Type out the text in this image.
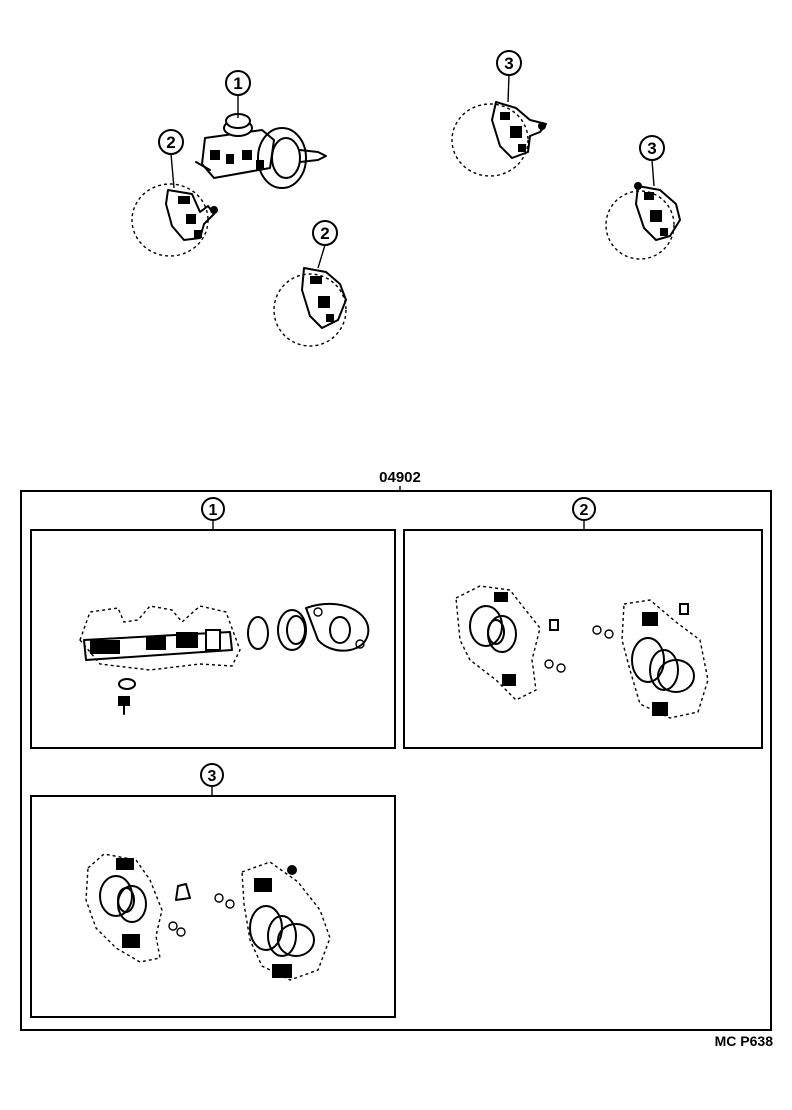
1
2
2
3
3
04902
1	2
3
MC P638
